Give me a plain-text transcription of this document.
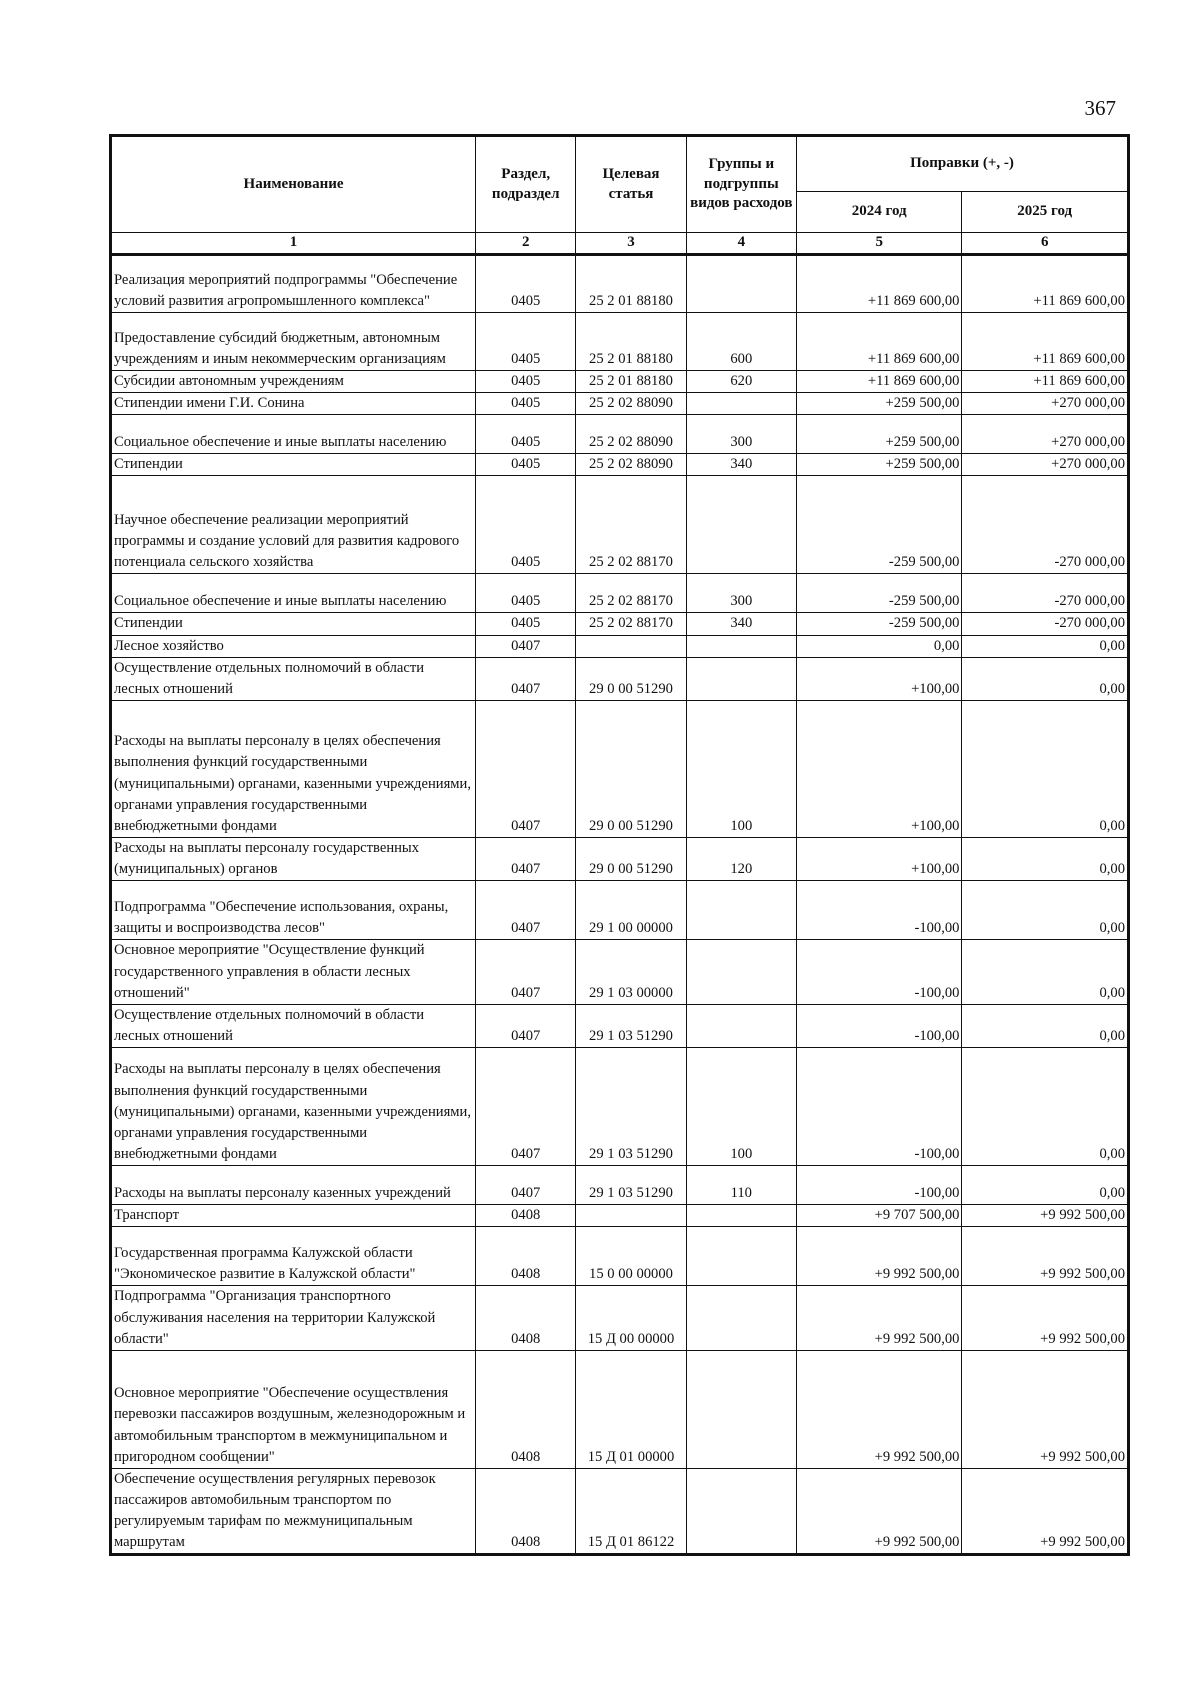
367
Наименование	Раздел, подраздел	Целевая статья	Группы и подгруппы видов расходов	Поправки (+, -)	
				2024 год	2025 год
1	2	3	4	5	6
Реализация мероприятий подпрограммы "Обеспечение условий развития агропромышленного комплекса"	0405	25 2 01 88180		+11 869 600,00	+11 869 600,00
Предоставление субсидий бюджетным, автономным учреждениям и иным некоммерческим организациям	0405	25 2 01 88180	600	+11 869 600,00	+11 869 600,00
Субсидии автономным учреждениям	0405	25 2 01 88180	620	+11 869 600,00	+11 869 600,00
Стипендии имени Г.И. Сонина	0405	25 2 02 88090		+259 500,00	+270 000,00
Социальное обеспечение и иные выплаты населению	0405	25 2 02 88090	300	+259 500,00	+270 000,00
Стипендии	0405	25 2 02 88090	340	+259 500,00	+270 000,00
Научное обеспечение реализации мероприятий программы и создание условий для развития кадрового потенциала сельского хозяйства	0405	25 2 02 88170		-259 500,00	-270 000,00
Социальное обеспечение и иные выплаты населению	0405	25 2 02 88170	300	-259 500,00	-270 000,00
Стипендии	0405	25 2 02 88170	340	-259 500,00	-270 000,00
Лесное хозяйство	0407			0,00	0,00
Осуществление отдельных полномочий в области лесных отношений	0407	29 0 00 51290		+100,00	0,00
Расходы на выплаты персоналу в целях обеспечения выполнения функций государственными (муниципальными) органами, казенными учреждениями, органами управления государственными внебюджетными фондами	0407	29 0 00 51290	100	+100,00	0,00
Расходы на выплаты персоналу государственных (муниципальных) органов	0407	29 0 00 51290	120	+100,00	0,00
Подпрограмма "Обеспечение использования, охраны, защиты и воспроизводства лесов"	0407	29 1 00 00000		-100,00	0,00
Основное мероприятие "Осуществление функций государственного управления в области лесных отношений"	0407	29 1 03 00000		-100,00	0,00
Осуществление отдельных полномочий в области лесных отношений	0407	29 1 03 51290		-100,00	0,00
Расходы на выплаты персоналу в целях обеспечения выполнения функций государственными (муниципальными) органами, казенными учреждениями, органами управления государственными внебюджетными фондами	0407	29 1 03 51290	100	-100,00	0,00
Расходы на выплаты персоналу казенных учреждений	0407	29 1 03 51290	110	-100,00	0,00
Транспорт	0408			+9 707 500,00	+9 992 500,00
Государственная программа Калужской области "Экономическое развитие в Калужской области"	0408	15 0 00 00000		+9 992 500,00	+9 992 500,00
Подпрограмма "Организация транспортного обслуживания населения на территории Калужской области"	0408	15 Д 00 00000		+9 992 500,00	+9 992 500,00
Основное мероприятие "Обеспечение осуществления перевозки пассажиров воздушным, железнодорожным и автомобильным транспортом в межмуниципальном и пригородном сообщении"	0408	15 Д 01 00000		+9 992 500,00	+9 992 500,00
Обеспечение осуществления регулярных перевозок пассажиров автомобильным транспортом по регулируемым тарифам по межмуниципальным маршрутам	0408	15 Д 01 86122		+9 992 500,00	+9 992 500,00
